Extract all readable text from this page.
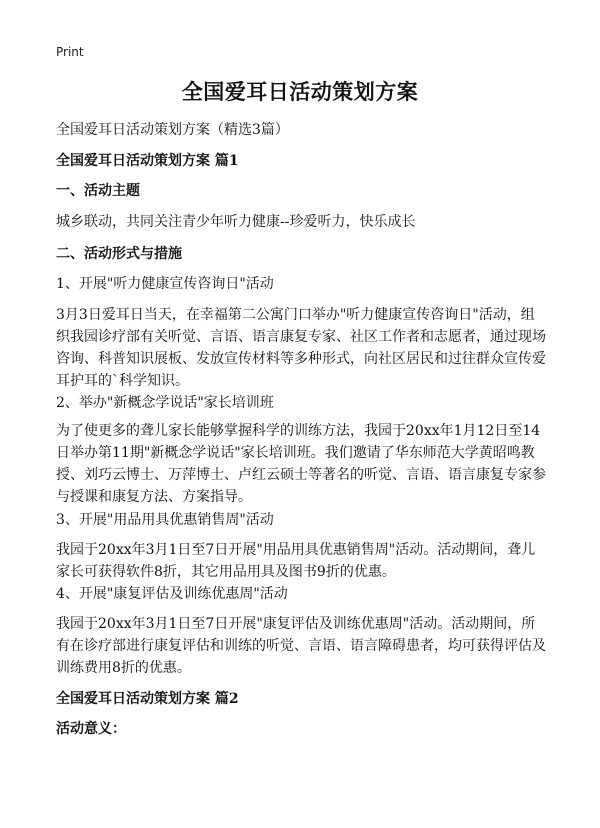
Print
全国爱耳日活动策划方案
全国爱耳日活动策划方案（精选3篇）
全国爱耳日活动策划方案 篇1
一、活动主题
城乡联动，共同关注青少年听力健康--珍爱听力，快乐成长
二、活动形式与措施
1、开展"听力健康宣传咨询日"活动
3月3日爱耳日当天，在幸福第二公寓门口举办"听力健康宣传咨询日"活动，组织我园诊疗部有关听觉、言语、语言康复专家、社区工作者和志愿者，通过现场咨询、科普知识展板、发放宣传材料等多种形式，向社区居民和过往群众宣传爱耳护耳的`科学知识。
2、举办"新概念学说话"家长培训班
为了使更多的聋儿家长能够掌握科学的训练方法，我园于20xx年1月12日至14日举办第11期"新概念学说话"家长培训班。我们邀请了华东师范大学黄昭鸣教授、刘巧云博士、万萍博士、卢红云硕士等著名的听觉、言语、语言康复专家参与授课和康复方法、方案指导。
3、开展"用品用具优惠销售周"活动
我园于20xx年3月1日至7日开展"用品用具优惠销售周"活动。活动期间，聋儿家长可获得软件8折，其它用品用具及图书9折的优惠。
4、开展"康复评估及训练优惠周"活动
我园于20xx年3月1日至7日开展"康复评估及训练优惠周"活动。活动期间，所有在诊疗部进行康复评估和训练的听觉、言语、语言障碍患者，均可获得评估及训练费用8折的优惠。
全国爱耳日活动策划方案 篇2
活动意义：
